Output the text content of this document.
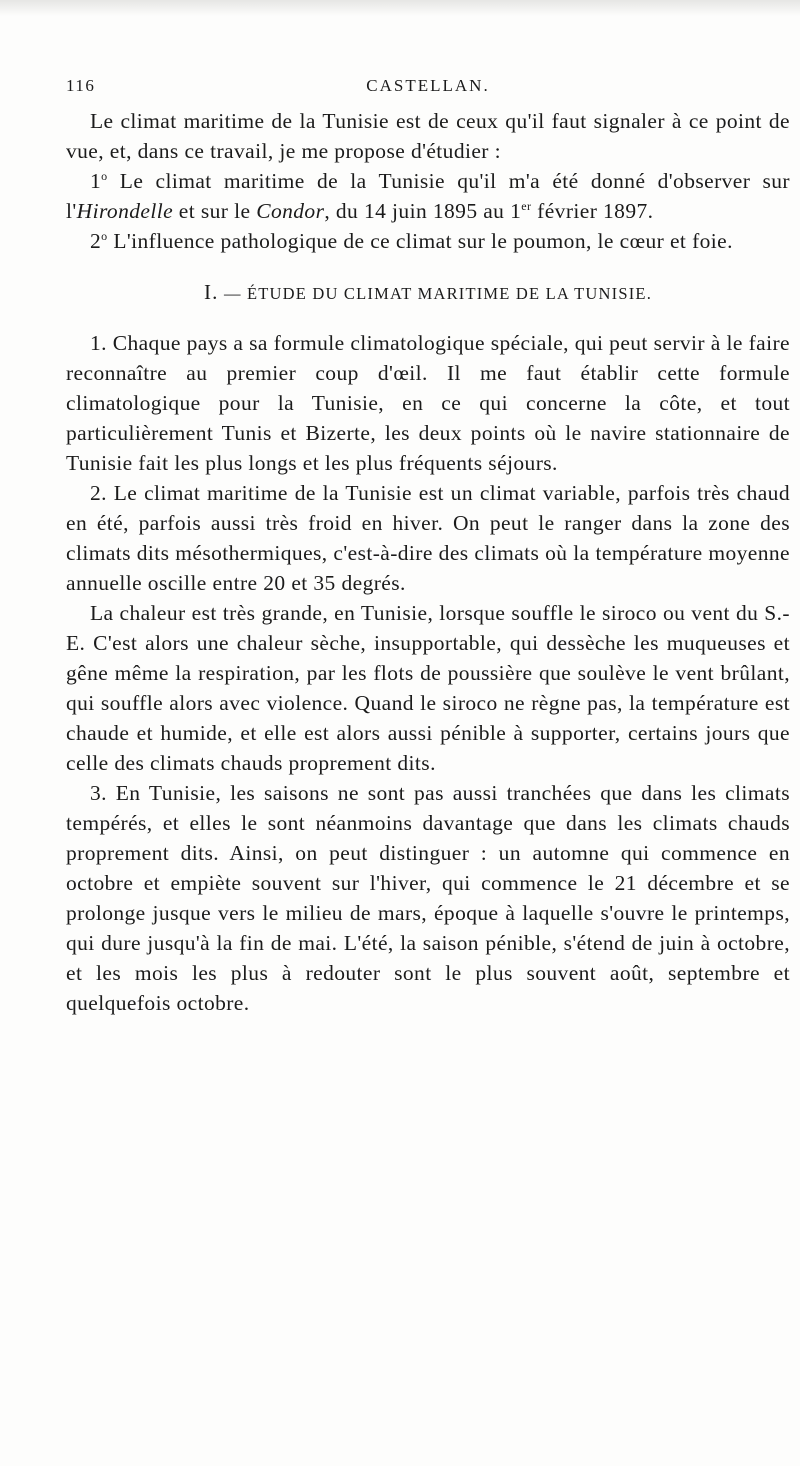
116	CASTELLAN.

Le climat maritime de la Tunisie est de ceux qu'il faut signaler à ce point de vue, et, dans ce travail, je me propose d'étudier :

1$^o$ Le climat maritime de la Tunisie qu'il m'a été donné d'observer sur l'Hirondelle et sur le Condor, du 14 juin 1895 au 1er février 1897.

2$^o$ L'influence pathologique de ce climat sur le poumon, le cœur et foie.

I. — ÉTUDE DU CLIMAT MARITIME DE LA TUNISIE.

1. Chaque pays a sa formule climatologique spéciale, qui peut servir à le faire reconnaître au premier coup d'œil. Il me faut établir cette formule climatologique pour la Tunisie, en ce qui concerne la côte, et tout particulièrement Tunis et Bizerte, les deux points où le navire stationnaire de Tunisie fait les plus longs et les plus fréquents séjours.

2. Le climat maritime de la Tunisie est un climat variable, parfois très chaud en été, parfois aussi très froid en hiver. On peut le ranger dans la zone des climats dits mésothermiques, c'est-à-dire des climats où la température moyenne annuelle oscille entre 20 et 35 degrés.

La chaleur est très grande, en Tunisie, lorsque souffle le siroco ou vent du S.-E. C'est alors une chaleur sèche, insupportable, qui dessèche les muqueuses et gêne même la respiration, par les flots de poussière que soulève le vent brûlant, qui souffle alors avec violence. Quand le siroco ne règne pas, la température est chaude et humide, et elle est alors aussi pénible à supporter, certains jours que celle des climats chauds proprement dits.

3. En Tunisie, les saisons ne sont pas aussi tranchées que dans les climats tempérés, et elles le sont néanmoins davantage que dans les climats chauds proprement dits. Ainsi, on peut distinguer : un automne qui commence en octobre et empiète souvent sur l'hiver, qui commence le 21 décembre et se prolonge jusque vers le milieu de mars, époque à laquelle s'ouvre le printemps, qui dure jusqu'à la fin de mai. L'été, la saison pénible, s'étend de juin à octobre, et les mois les plus à redouter sont le plus souvent août, septembre et quelquefois octobre.
